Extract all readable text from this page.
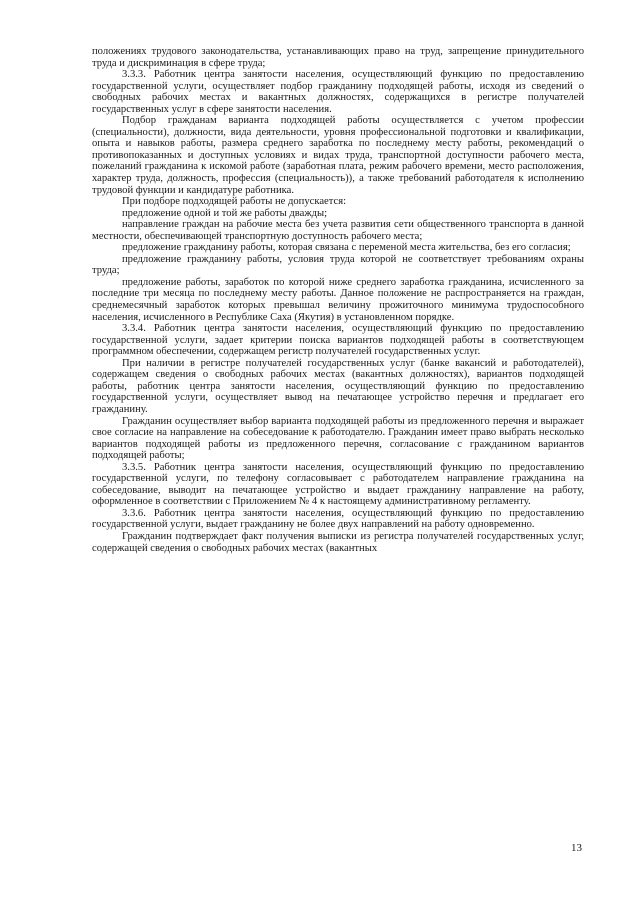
положениях трудового законодательства, устанавливающих право на труд, запрещение принудительного труда и дискриминация в сфере труда;

3.3.3. Работник центра занятости населения, осуществляющий функцию по предоставлению государственной услуги, осуществляет подбор гражданину подходящей работы, исходя из сведений о свободных рабочих местах и вакантных должностях, содержащихся в регистре получателей государственных услуг в сфере занятости населения.

Подбор гражданам варианта подходящей работы осуществляется с учетом профессии (специальности), должности, вида деятельности, уровня профессиональной подготовки и квалификации, опыта и навыков работы, размера среднего заработка по последнему месту работы, рекомендаций о противопоказанных и доступных условиях и видах труда, транспортной доступности рабочего места, пожеланий гражданина к искомой работе (заработная плата, режим рабочего времени, место расположения, характер труда, должность, профессия (специальность)), а также требований работодателя к исполнению трудовой функции и кандидатуре работника.

При подборе подходящей работы не допускается:

предложение одной и той же работы дважды;

направление граждан на рабочие места без учета развития сети общественного транспорта в данной местности, обеспечивающей транспортную доступность рабочего места;

предложение гражданину работы, которая связана с переменой места жительства, без его согласия;

предложение гражданину работы, условия труда которой не соответствует требованиям охраны труда;

предложение работы, заработок по которой ниже среднего заработка гражданина, исчисленного за последние три месяца по последнему месту работы. Данное положение не распространяется на граждан, среднемесячный заработок которых превышал величину прожиточного минимума трудоспособного населения, исчисленного в Республике Саха (Якутия) в установленном порядке.

3.3.4. Работник центра занятости населения, осуществляющий функцию по предоставлению государственной услуги, задает критерии поиска вариантов подходящей работы в соответствующем программном обеспечении, содержащем регистр получателей государственных услуг.

При наличии в регистре получателей государственных услуг (банке вакансий и работодателей), содержащем сведения о свободных рабочих местах (вакантных должностях), вариантов подходящей работы, работник центра занятости населения, осуществляющий функцию по предоставлению государственной услуги, осуществляет вывод на печатающее устройство перечня и предлагает его гражданину.

Гражданин осуществляет выбор варианта подходящей работы из предложенного перечня и выражает свое согласие на направление на собеседование к работодателю. Гражданин имеет право выбрать несколько вариантов подходящей работы из предложенного перечня, согласование с гражданином вариантов подходящей работы;

3.3.5. Работник центра занятости населения, осуществляющий функцию по предоставлению государственной услуги, по телефону согласовывает с работодателем направление гражданина на собеседование, выводит на печатающее устройство и выдает гражданину направление на работу, оформленное в соответствии с Приложением № 4 к настоящему административному регламенту.

3.3.6. Работник центра занятости населения, осуществляющий функцию по предоставлению государственной услуги, выдает гражданину не более двух направлений на работу одновременно.

Гражданин подтверждает факт получения выписки из регистра получателей государственных услуг, содержащей сведения о свободных рабочих местах (вакантных

13
